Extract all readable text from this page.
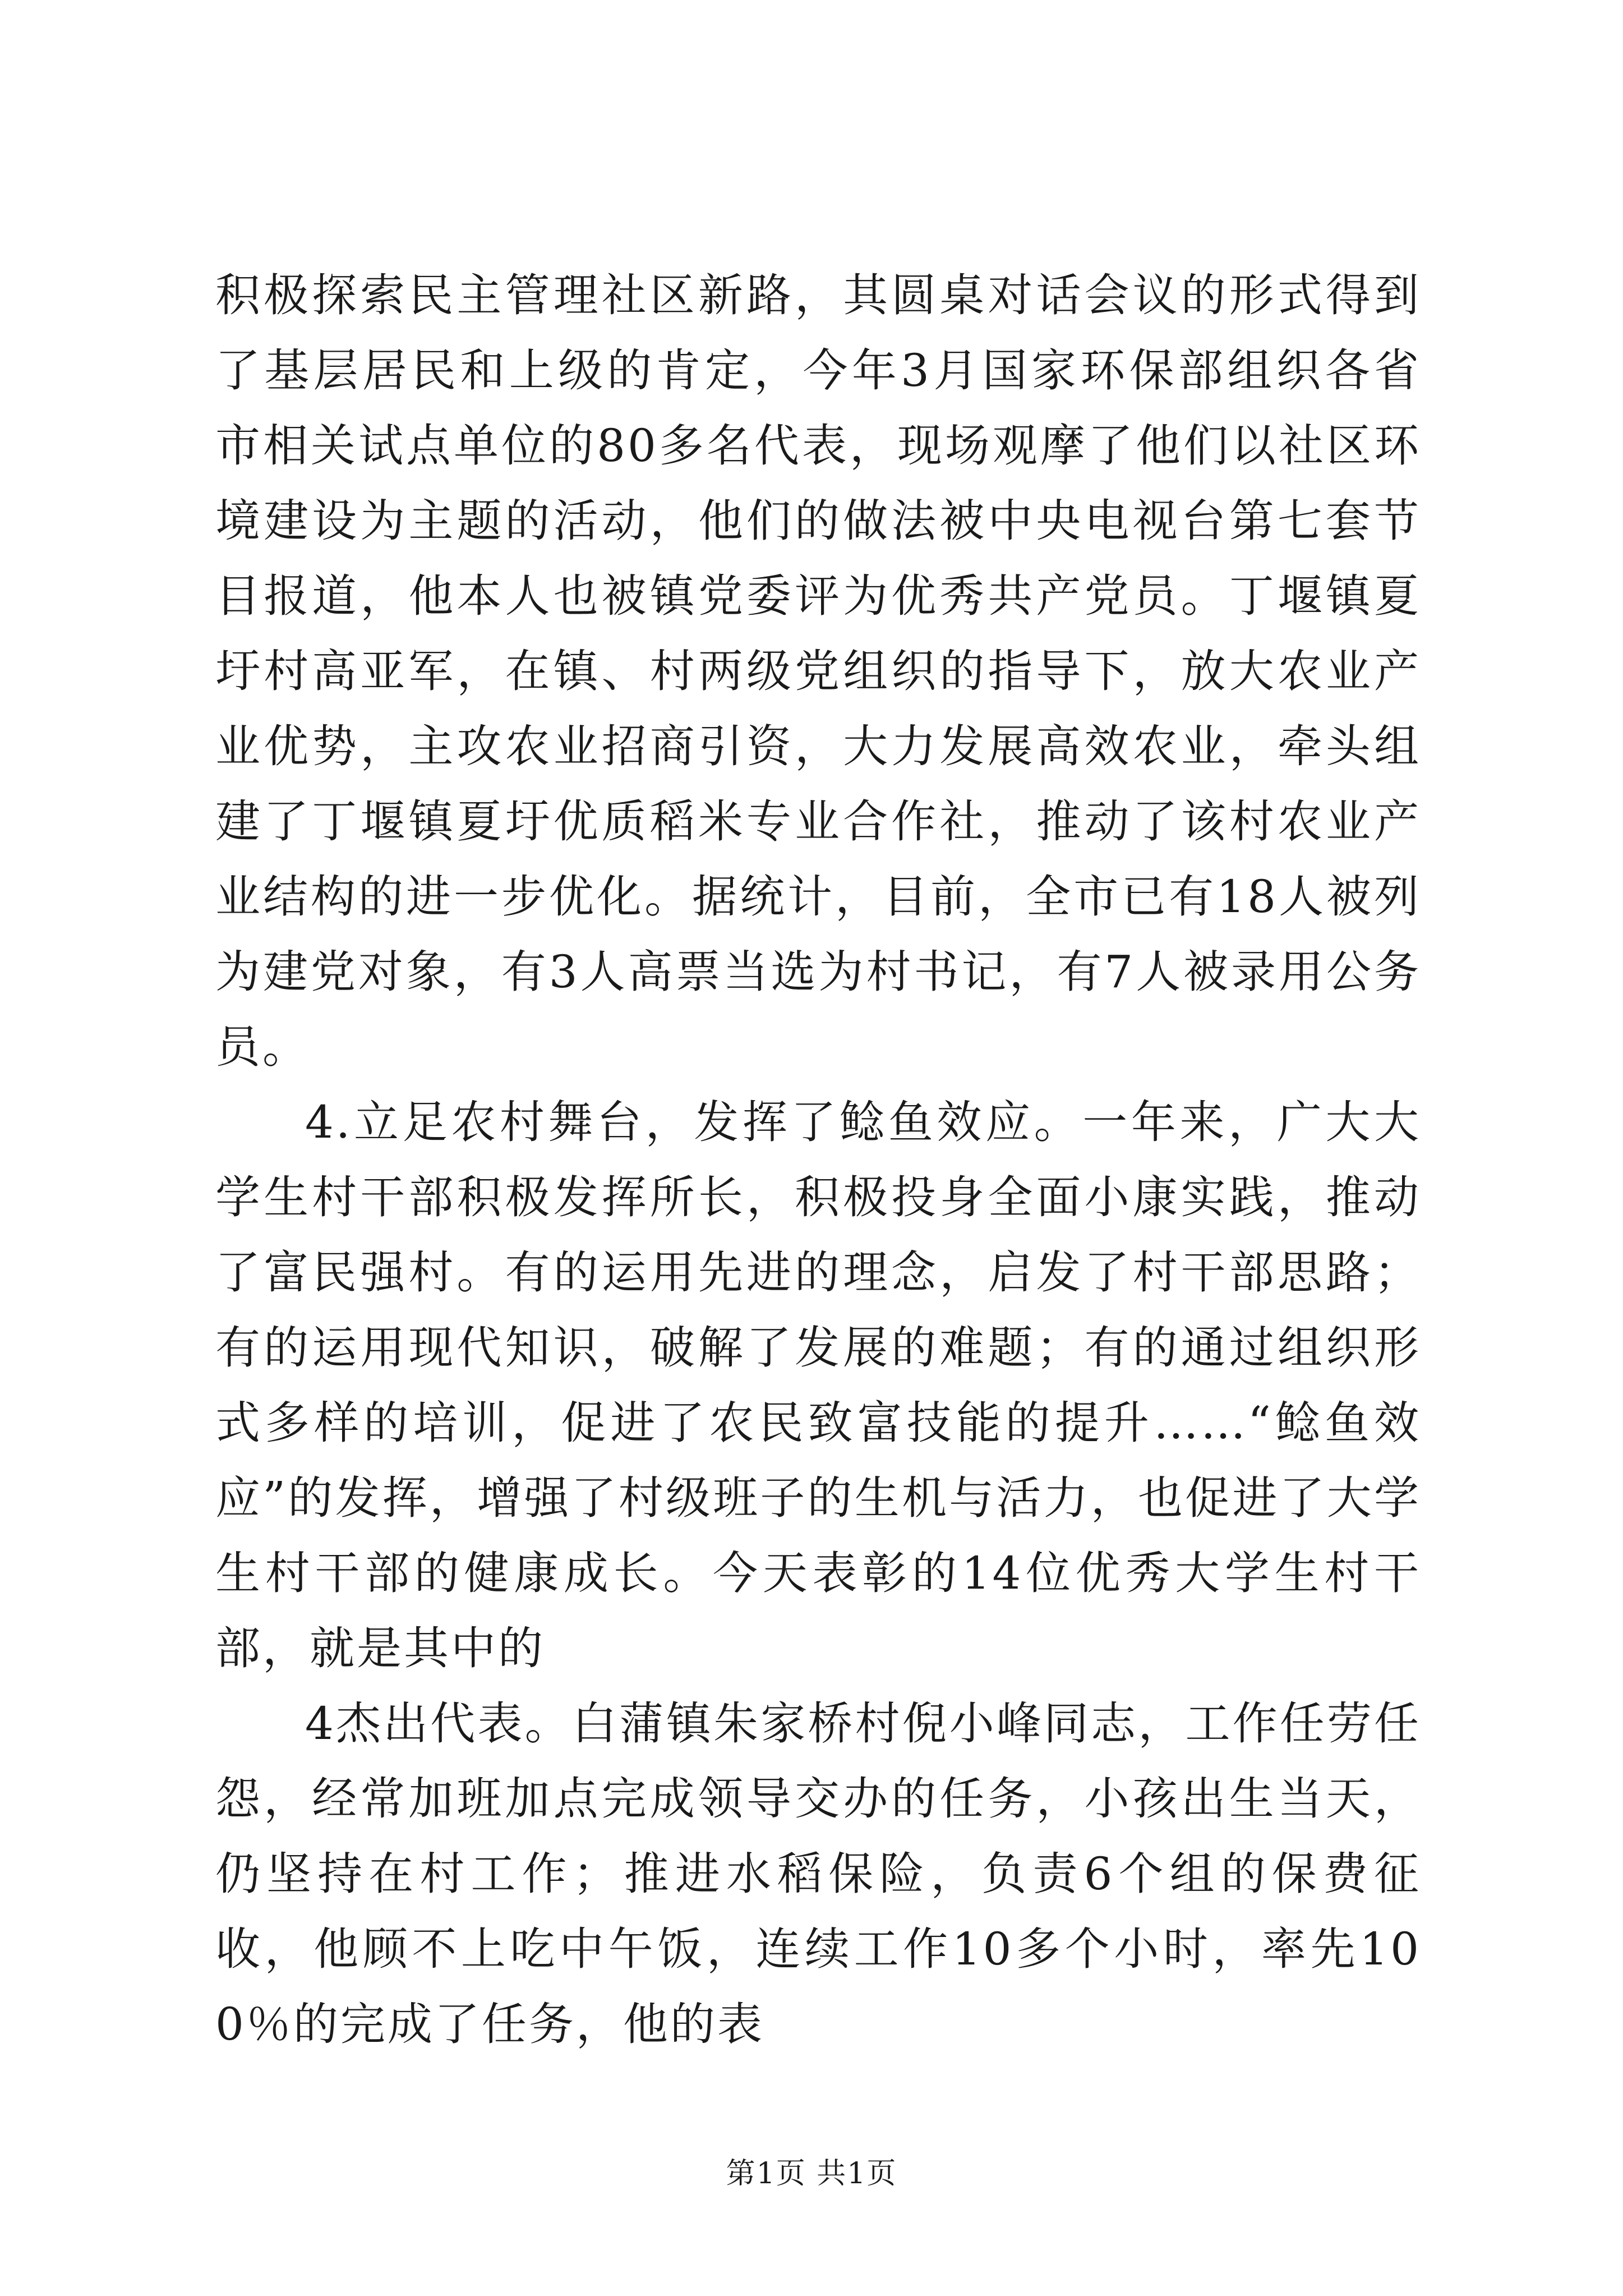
积极探索民主管理社区新路，其圆桌对话会议的形式得到了基层居民和上级的肯定，今年3月国家环保部组织各省市相关试点单位的80多名代表，现场观摩了他们以社区环境建设为主题的活动，他们的做法被中央电视台第七套节目报道，他本人也被镇党委评为优秀共产党员。丁堰镇夏圩村高亚军，在镇、村两级党组织的指导下，放大农业产业优势，主攻农业招商引资，大力发展高效农业，牵头组建了丁堰镇夏圩优质稻米专业合作社，推动了该村农业产业结构的进一步优化。据统计，目前，全市已有18人被列为建党对象，有3人高票当选为村书记，有7人被录用公务员。

4.立足农村舞台，发挥了鲶鱼效应。一年来，广大大学生村干部积极发挥所长，积极投身全面小康实践，推动了富民强村。有的运用先进的理念，启发了村干部思路；有的运用现代知识，破解了发展的难题；有的通过组织形式多样的培训，促进了农民致富技能的提升……“鲶鱼效应”的发挥，增强了村级班子的生机与活力，也促进了大学生村干部的健康成长。今天表彰的14位优秀大学生村干部，就是其中的

4杰出代表。白蒲镇朱家桥村倪小峰同志，工作任劳任怨，经常加班加点完成领导交办的任务，小孩出生当天，仍坚持在村工作；推进水稻保险，负责6个组的保费征收，他顾不上吃中午饭，连续工作10多个小时，率先100％的完成了任务，他的表

第1页 共1页
